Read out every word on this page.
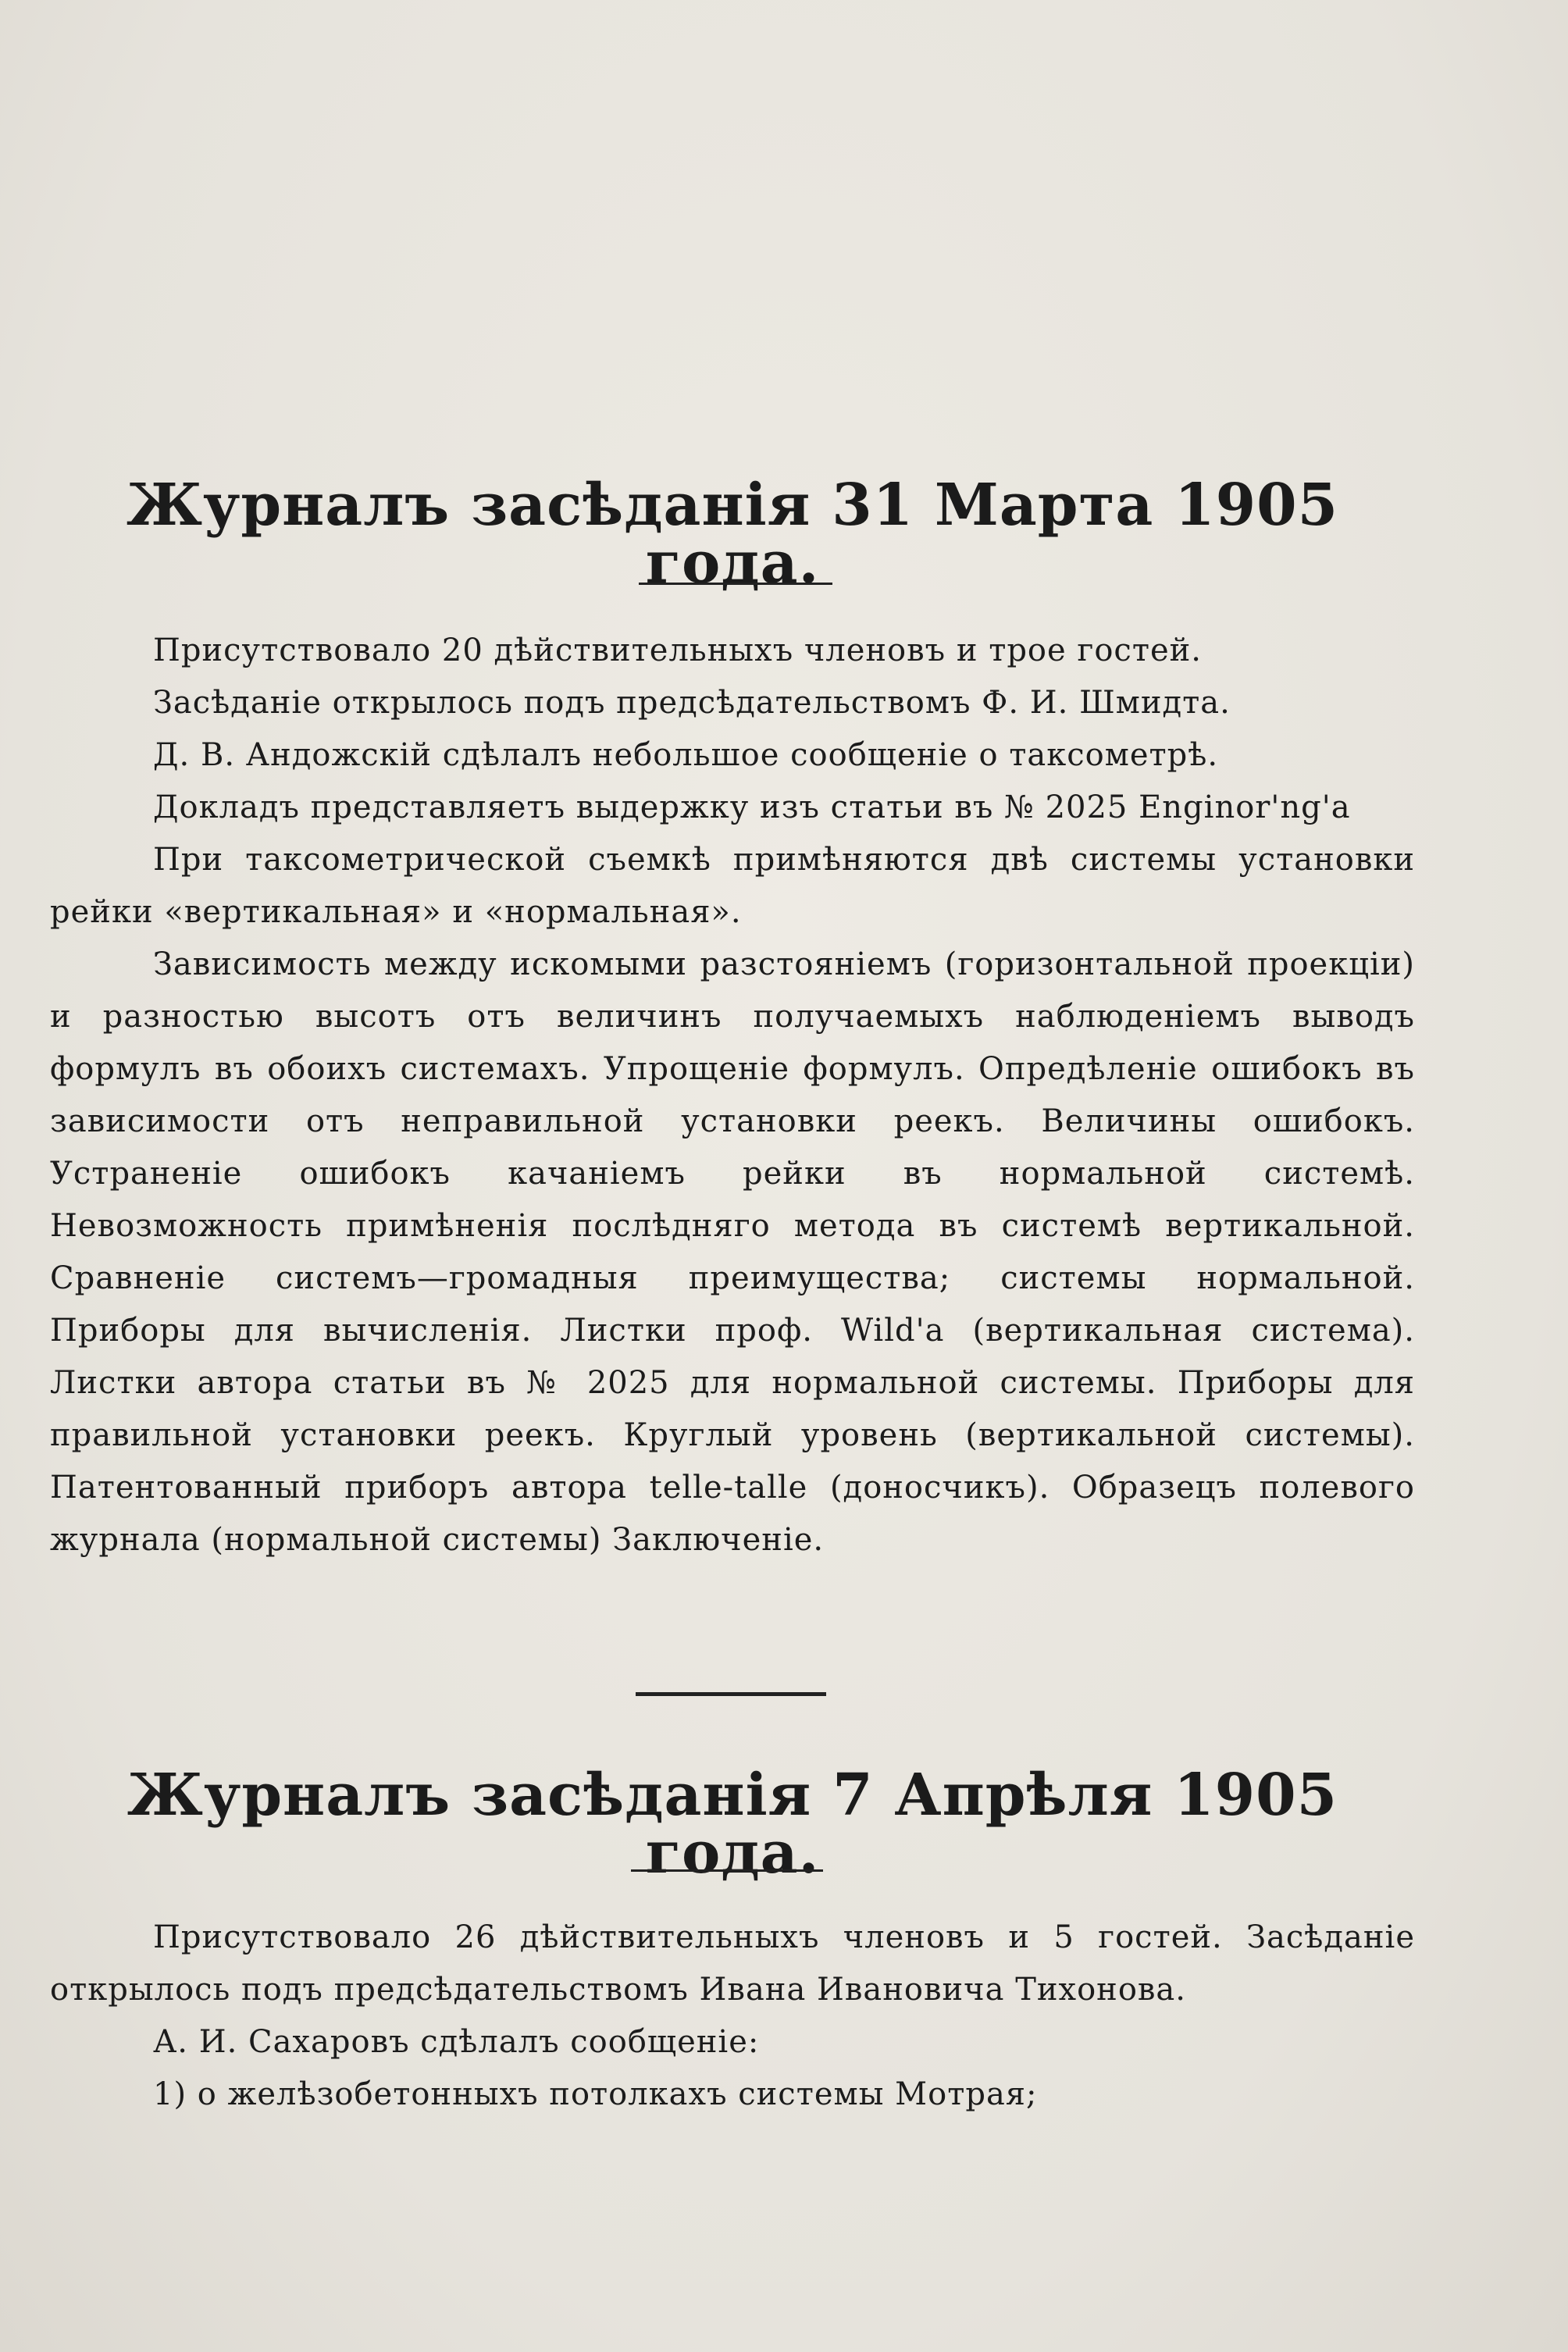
Журналъ засѣданія 31 Марта 1905 года.

Присутствовало 20 дѣйствительныхъ членовъ и трое гостей.

Засѣданіе открылось подъ предсѣдательствомъ Ф. И. Шмидта.

Д. В. Андожскій сдѣлалъ небольшое сообщеніе о таксометрѣ.

Докладъ представляетъ выдержку изъ статьи въ № 2025 Enginor'ng'a

При таксометрической съемкѣ примѣняются двѣ системы установки рейки «вертикальная» и «нормальная».

Зависимость между искомыми разстояніемъ (горизонтальной проекціи) и разностью высотъ отъ величинъ получаемыхъ наблюденіемъ выводъ формулъ въ обоихъ системахъ. Упрощеніе формулъ. Опредѣленіе ошибокъ въ зависимости отъ неправильной установки реекъ. Величины ошибокъ. Устраненіе ошибокъ качаніемъ рейки въ нормальной системѣ. Невозможность примѣненія послѣдняго метода въ системѣ вертикальной. Сравненіе системъ—громадныя преимущества; системы нормальной. Приборы для вычисленія. Листки проф. Wild'a (вертикальная система). Листки автора статьи въ № 2025 для нормальной системы. Приборы для правильной установки реекъ. Круглый уровень (вертикальной системы). Патентованный приборъ автора telle-talle (доносчикъ). Образецъ полевого журнала (нормальной системы) Заключеніе.

Журналъ засѣданія 7 Апрѣля 1905 года.

Присутствовало 26 дѣйствительныхъ членовъ и 5 гостей. Засѣданіе открылось подъ предсѣдательствомъ Ивана Ивановича Тихонова.

А. И. Сахаровъ сдѣлалъ сообщеніе:

1) о желѣзобетонныхъ потолкахъ системы Мотрая;
